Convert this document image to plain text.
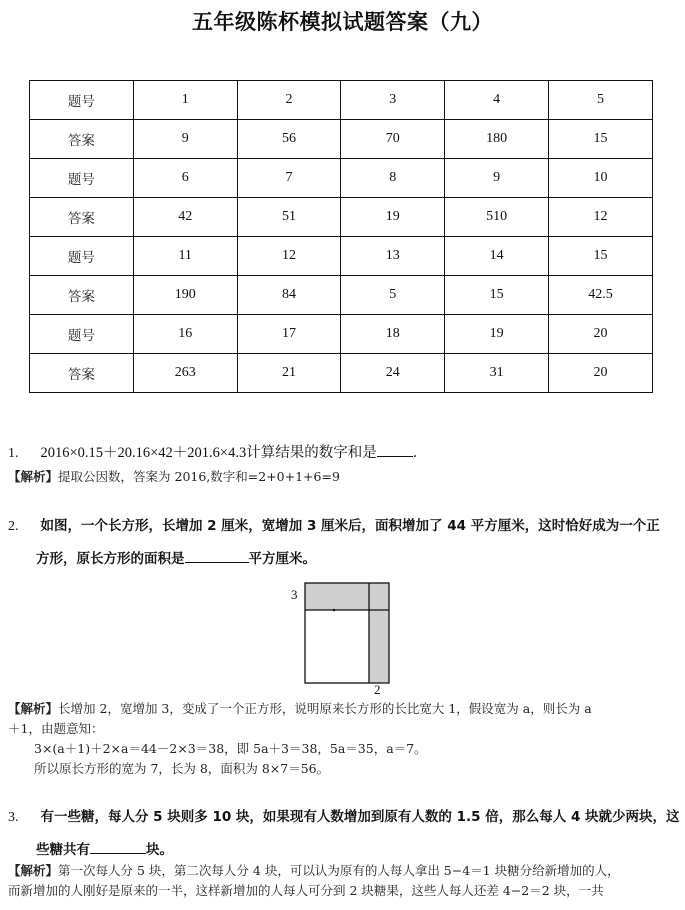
五年级陈杯模拟试题答案（九）
题号	1	2	3	4	5
答案	9	56	70	180	15
题号	6	7	8	9	10
答案	42	51	19	510	12
题号	11	12	13	14	15
答案	190	84	5	15	42.5
题号	16	17	18	19	20
答案	263	21	24	31	20
1. 2016×0.15＋20.16×42＋201.6×4.3计算结果的数字和是	.
【解析】提取公因数，答案为 2016,数字和=2+0+1+6=9
2. 如图，一个长方形，长增加 2 厘米，宽增加 3 厘米后，面积增加了 44 平方厘米，这时恰好成为一个正
方形，原长方形的面积是	平方厘米。
3
2
【解析】长增加 2，宽增加 3，变成了一个正方形，说明原来长方形的长比宽大 1，假设宽为 a，则长为 a
＋1，由题意知：
3×(a＋1)＋2×a＝44－2×3＝38，即 5a＋3＝38，5a＝35，a＝7。
所以原长方形的宽为 7，长为 8，面积为 8×7＝56。
3. 有一些糖，每人分 5 块则多 10 块，如果现有人数增加到原有人数的 1.5 倍，那么每人 4 块就少两块，这
些糖共有	块。
【解析】第一次每人分 5 块，第二次每人分 4 块，可以认为原有的人每人拿出 5−4＝1 块糖分给新增加的人，
而新增加的人刚好是原来的一半，这样新增加的人每人可分到 2 块糖果，这些人每人还差 4−2＝2 块，一共
